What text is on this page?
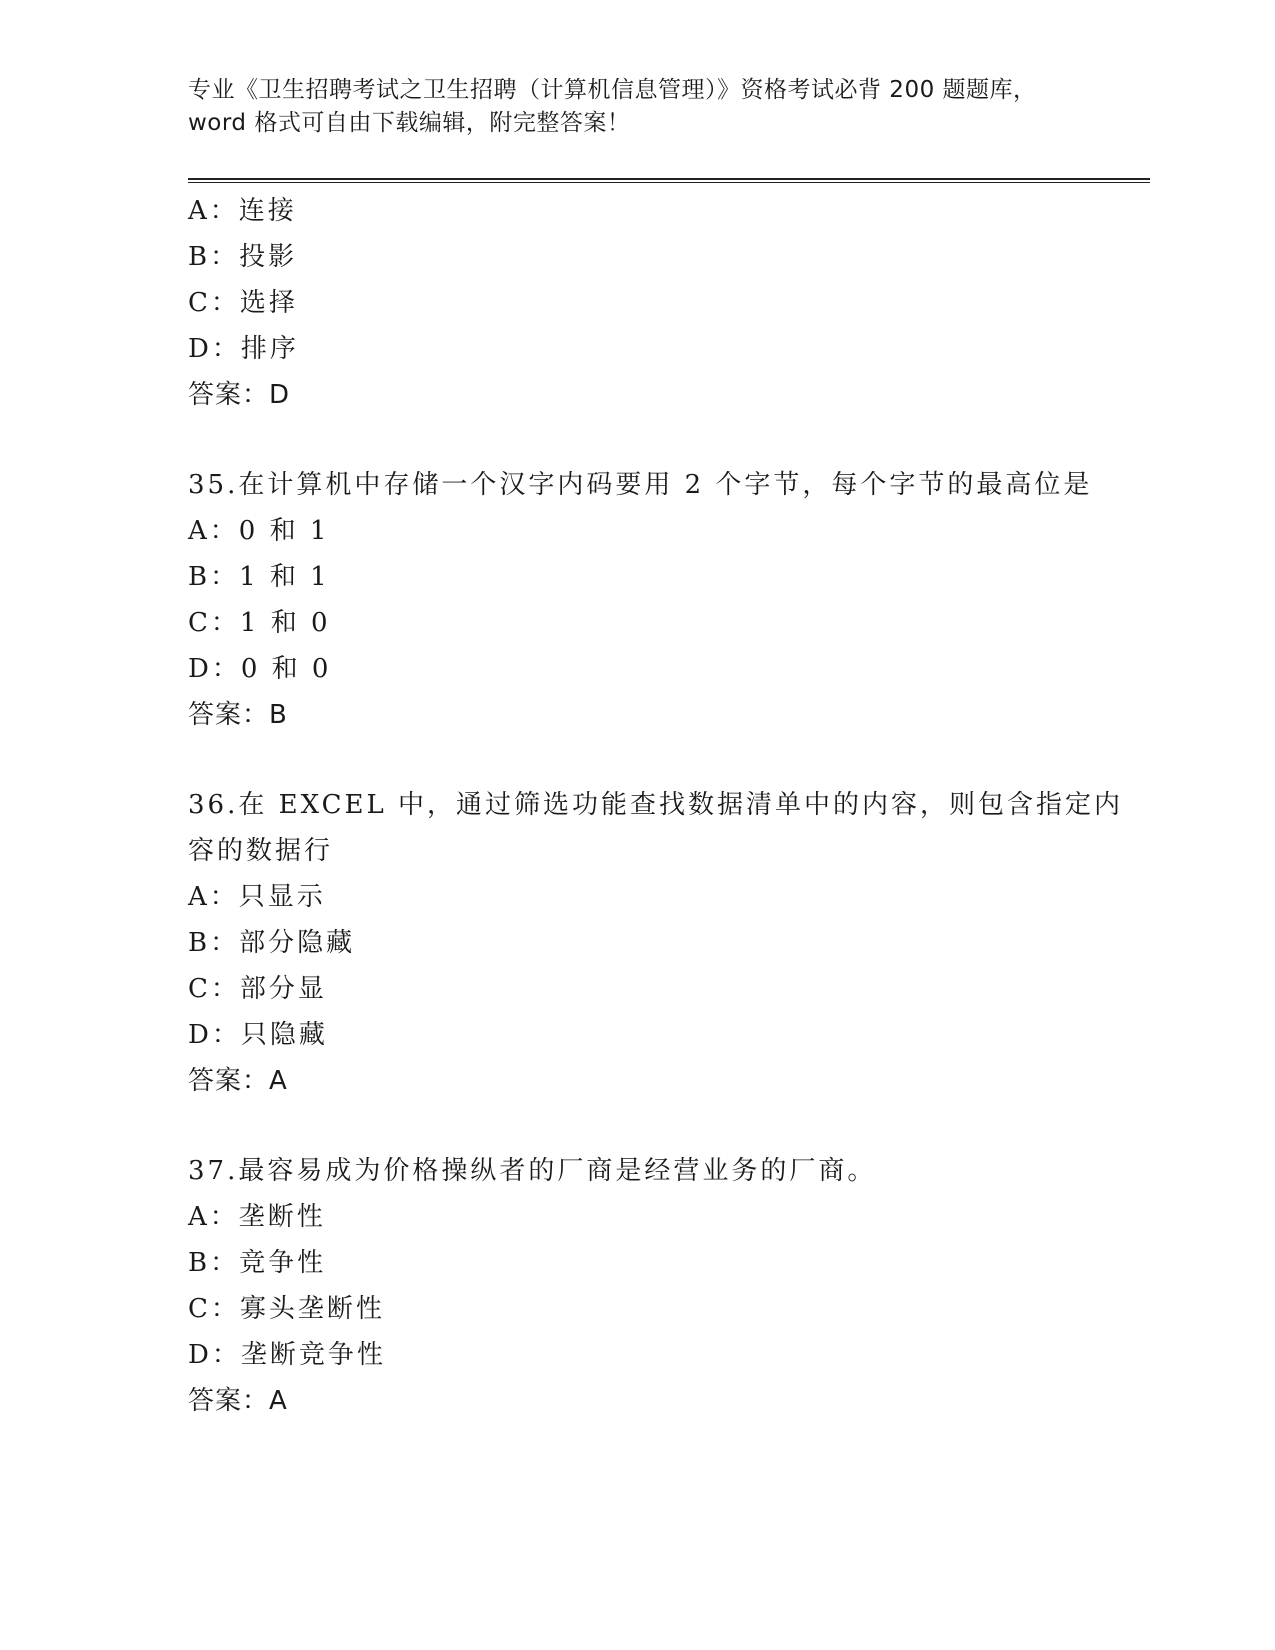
专业《卫生招聘考试之卫生招聘（计算机信息管理）》资格考试必背 200 题题库，
word 格式可自由下载编辑，附完整答案！
A：连接
B：投影
C：选择
D：排序
答案：D
35.在计算机中存储一个汉字内码要用 2 个字节，每个字节的最高位是
A：0 和 1
B：1 和 1
C：1 和 0
D：0 和 0
答案：B
36.在 EXCEL 中，通过筛选功能查找数据清单中的内容，则包含指定内
容的数据行
A：只显示
B：部分隐藏
C：部分显
D：只隐藏
答案：A
37.最容易成为价格操纵者的厂商是经营业务的厂商。
A：垄断性
B：竞争性
C：寡头垄断性
D：垄断竞争性
答案：A
